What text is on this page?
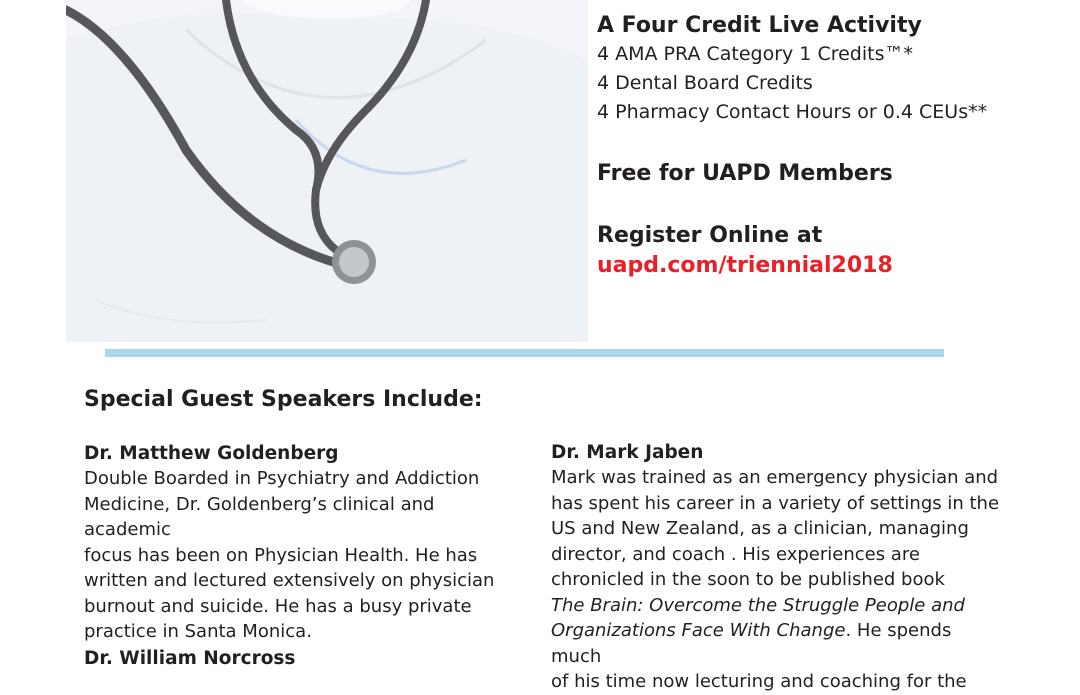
A Four Credit Live Activity
4 AMA PRA Category 1 Credits™*
4 Dental Board Credits
4 Pharmacy Contact Hours or 0.4 CEUs**
Free for UAPD Members
Register Online at
uapd.com/triennial2018
Special Guest Speakers Include:
Dr. Matthew Goldenberg
Double Boarded in Psychiatry and Addiction
Medicine, Dr. Goldenberg’s clinical and academic
focus has been on Physician Health. He has
written and lectured extensively on physician
burnout and suicide. He has a busy private
practice in Santa Monica.
Dr. Mark Jaben
Mark was trained as an emergency physician and
has spent his career in a variety of settings in the
US and New Zealand, as a clinician, managing
director, and coach . His experiences are
chronicled in the soon to be published book
The Brain: Overcome the Struggle People and
Organizations Face With Change. He spends much
of his time now lecturing and coaching for the
Dr. William Norcross
